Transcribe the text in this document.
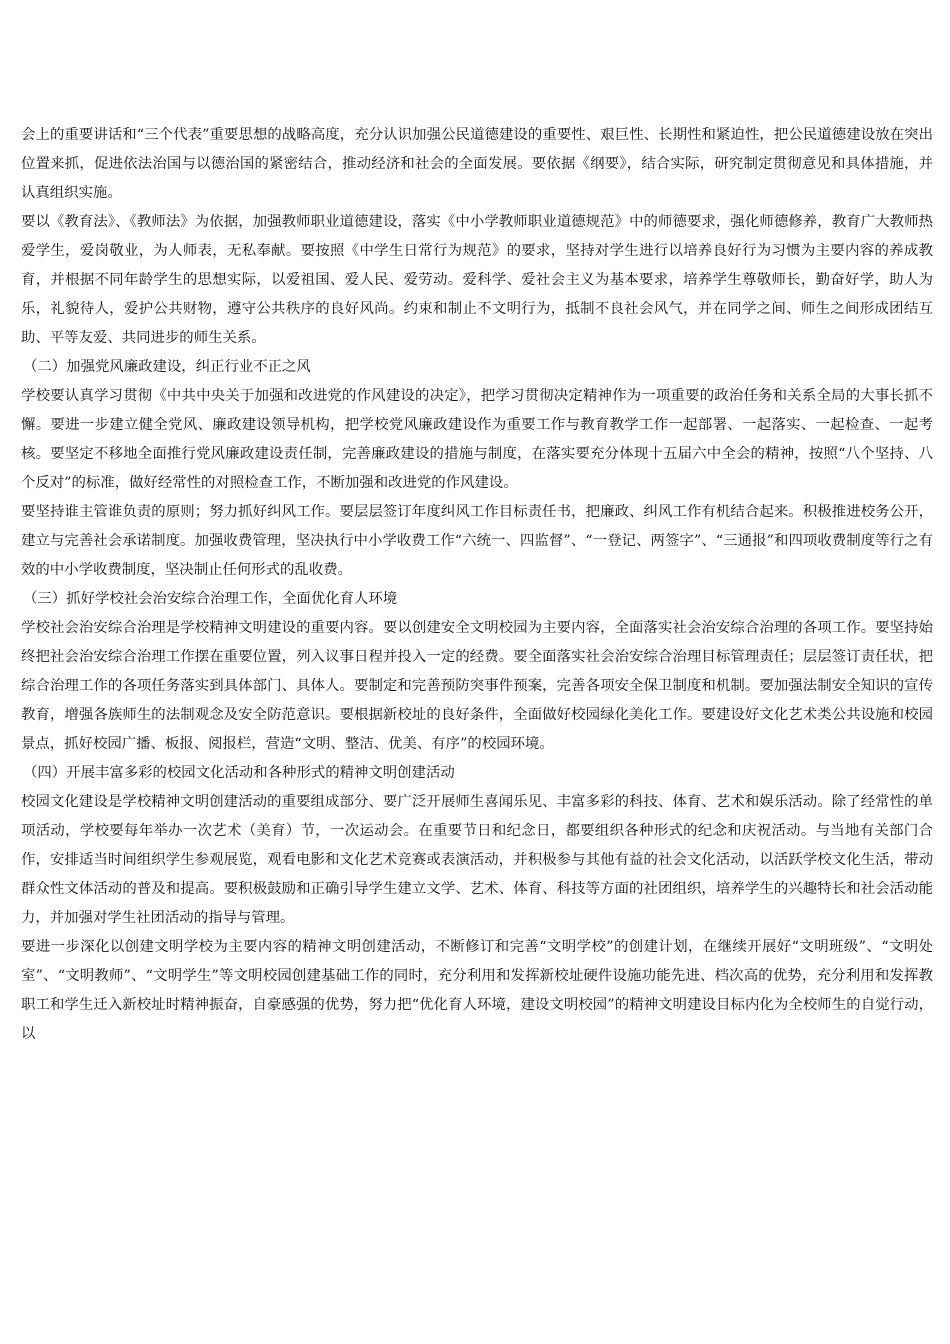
会上的重要讲话和“三个代表”重要思想的战略高度，充分认识加强公民道德建设的重要性、艰巨性、长期性和紧迫性，把公民道德建设放在突出位置来抓，促进依法治国与以德治国的紧密结合，推动经济和社会的全面发展。要依据《纲要》，结合实际，研究制定贯彻意见和具体措施，并认真组织实施。

要以《教育法》、《教师法》为依据，加强教师职业道德建设，落实《中小学教师职业道德规范》中的师德要求，强化师德修养，教育广大教师热爱学生，爱岗敬业，为人师表，无私奉献。要按照《中学生日常行为规范》的要求，坚持对学生进行以培养良好行为习惯为主要内容的养成教育，并根据不同年龄学生的思想实际，以爱祖国、爱人民、爱劳动。爱科学、爱社会主义为基本要求，培养学生尊敬师长，勤奋好学，助人为乐，礼貌待人，爱护公共财物，遵守公共秩序的良好风尚。约束和制止不文明行为，抵制不良社会风气，并在同学之间、师生之间形成团结互助、平等友爱、共同进步的师生关系。

（二）加强党风廉政建设，纠正行业不正之风

学校要认真学习贯彻《中共中央关于加强和改进党的作风建设的决定》，把学习贯彻决定精神作为一项重要的政治任务和关系全局的大事长抓不懈。要进一步建立健全党风、廉政建设领导机构，把学校党风廉政建设作为重要工作与教育教学工作一起部署、一起落实、一起检查、一起考核。要坚定不移地全面推行党风廉政建设责任制，完善廉政建设的措施与制度，在落实要充分体现十五届六中全会的精神，按照“八个坚持、八个反对”的标准，做好经常性的对照检查工作，不断加强和改进党的作风建设。

要坚持谁主管谁负责的原则；努力抓好纠风工作。要层层签订年度纠风工作目标责任书，把廉政、纠风工作有机结合起来。积极推进校务公开，建立与完善社会承诺制度。加强收费管理，坚决执行中小学收费工作“六统一、四监督”、“一登记、两签字”、“三通报”和四项收费制度等行之有效的中小学收费制度，坚决制止任何形式的乱收费。

（三）抓好学校社会治安综合治理工作，全面优化育人环境

学校社会治安综合治理是学校精神文明建设的重要内容。要以创建安全文明校园为主要内容，全面落实社会治安综合治理的各项工作。要坚持始终把社会治安综合治理工作摆在重要位置，列入议事日程并投入一定的经费。要全面落实社会治安综合治理目标管理责任；层层签订责任状，把综合治理工作的各项任务落实到具体部门、具体人。要制定和完善预防突事件预案，完善各项安全保卫制度和机制。要加强法制安全知识的宣传教育，增强各族师生的法制观念及安全防范意识。要根据新校址的良好条件，全面做好校园绿化美化工作。要建设好文化艺术类公共设施和校园景点，抓好校园广播、板报、阅报栏，营造“文明、整洁、优美、有序”的校园环境。

（四）开展丰富多彩的校园文化活动和各种形式的精神文明创建活动

校园文化建设是学校精神文明创建活动的重要组成部分、要广泛开展师生喜闻乐见、丰富多彩的科技、体育、艺术和娱乐活动。除了经常性的单项活动，学校要每年举办一次艺术（美育）节，一次运动会。在重要节日和纪念日，都要组织各种形式的纪念和庆祝活动。与当地有关部门合作，安排适当时间组织学生参观展览，观看电影和文化艺术竞赛或表演活动，并积极参与其他有益的社会文化活动，以活跃学校文化生活，带动群众性文体活动的普及和提高。要积极鼓励和正确引导学生建立文学、艺术、体育、科技等方面的社团组织，培养学生的兴趣特长和社会活动能力，并加强对学生社团活动的指导与管理。

要进一步深化以创建文明学校为主要内容的精神文明创建活动，不断修订和完善“文明学校”的创建计划，在继续开展好“文明班级”、“文明处室”、“文明教师”、“文明学生”等文明校园创建基础工作的同时，充分利用和发挥新校址硬件设施功能先进、档次高的优势，充分利用和发挥教职工和学生迁入新校址时精神振奋，自豪感强的优势，努力把“优化育人环境，建设文明校园”的精神文明建设目标内化为全校师生的自觉行动，以
